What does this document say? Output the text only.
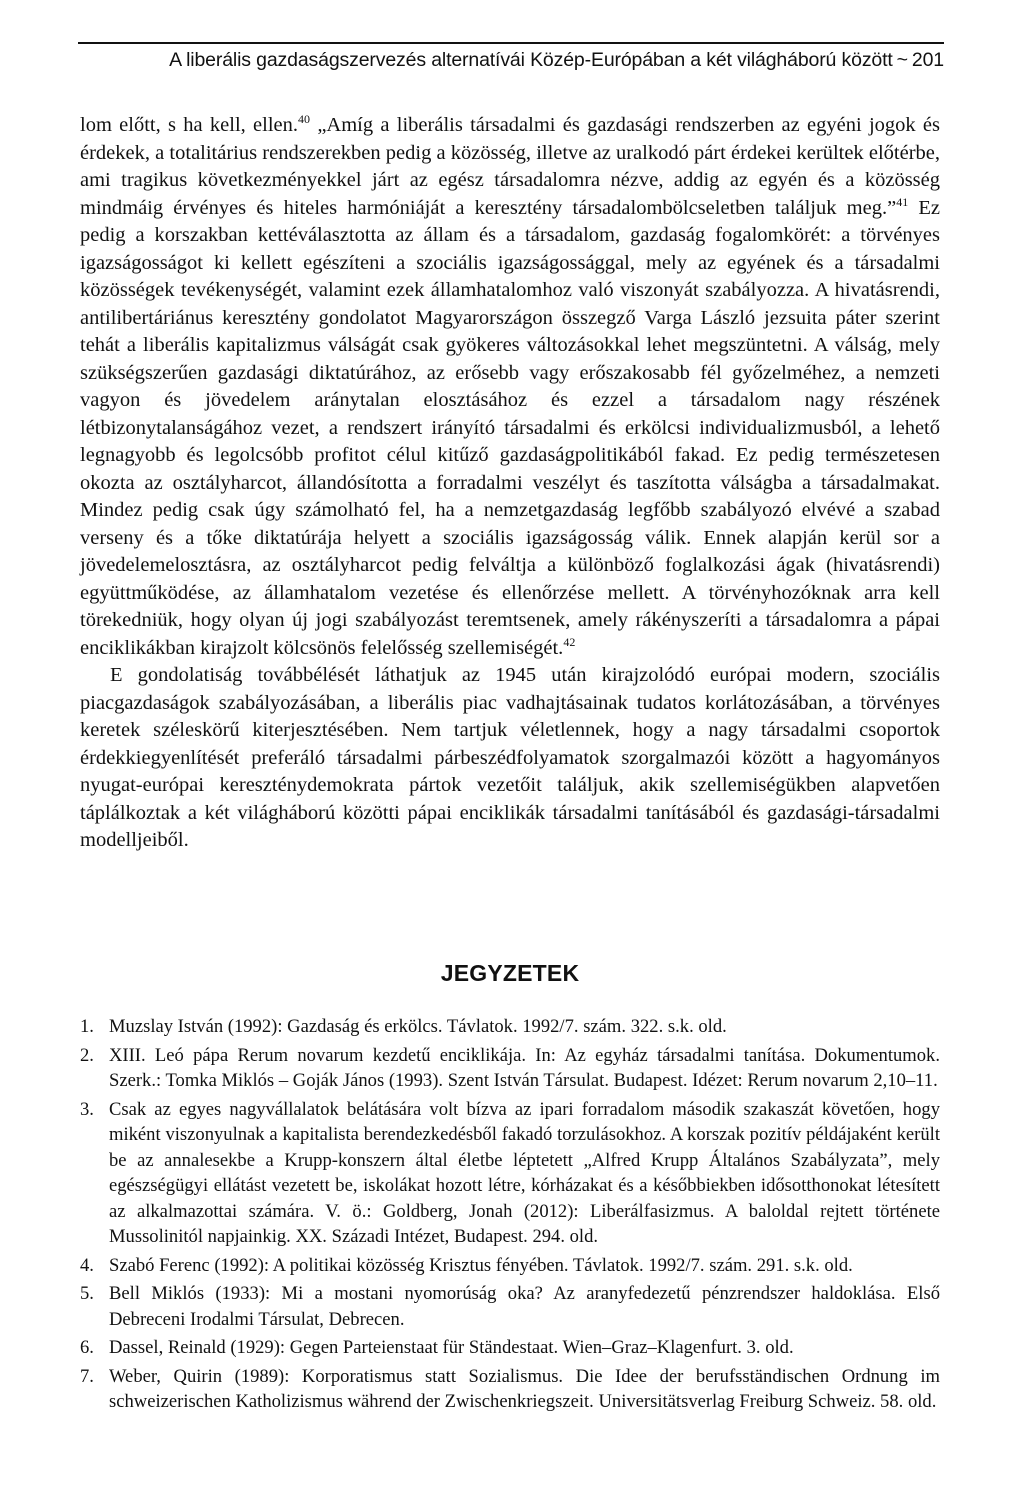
A liberális gazdaságszervezés alternatívái Közép-Európában a két világháború között ~ 201

lom előtt, s ha kell, ellen.$^{40}$ „Amíg a liberális társadalmi és gazdasági rendszerben az egyéni jogok és érdekek, a totalitárius rendszerekben pedig a közösség, illetve az uralkodó párt érdekei kerültek előtérbe, ami tragikus következményekkel járt az egész társadalomra nézve, addig az egyén és a közösség mindmáig érvényes és hiteles harmóniáját a keresztény társadalombölcseletben találjuk meg.”$^{41}$ Ez pedig a korszakban kettéválasztotta az állam és a társadalom, gazdaság fogalomkörét: a törvényes igazságosságot ki kellett egészíteni a szociális igazságossággal, mely az egyének és a társadalmi közösségek tevékenységét, valamint ezek államhatalomhoz való viszonyát szabályozza. A hivatásrendi, antilibertáriánus keresztény gondolatot Magyarországon összegző Varga László jezsuita páter szerint tehát a liberális kapitalizmus válságát csak gyökeres változásokkal lehet megszüntetni. A válság, mely szükségszerűen gazdasági diktatúrához, az erősebb vagy erőszakosabb fél győzelméhez, a nemzeti vagyon és jövedelem aránytalan elosztásához és ezzel a társadalom nagy részének létbizonytalanságához vezet, a rendszert irányító társadalmi és erkölcsi individualizmusból, a lehető legnagyobb és legolcsóbb profitot célul kitűző gazdaságpolitikából fakad. Ez pedig természetesen okozta az osztályharcot, állandósította a forradalmi veszélyt és taszította válságba a társadalmakat. Mindez pedig csak úgy számolható fel, ha a nemzetgazdaság legfőbb szabályozó elvévé a szabad verseny és a tőke diktatúrája helyett a szociális igazságosság válik. Ennek alapján kerül sor a jövedelemelosztásra, az osztályharcot pedig felváltja a különböző foglalkozási ágak (hivatásrendi) együttműködése, az államhatalom vezetése és ellenőrzése mellett. A törvényhozóknak arra kell törekedniük, hogy olyan új jogi szabályozást teremtsenek, amely rákényszeríti a társadalomra a pápai enciklikákban kirajzolt kölcsönös felelősség szellemiségét.$^{42}$

E gondolatiság továbbélését láthatjuk az 1945 után kirajzolódó európai modern, szociális piacgazdaságok szabályozásában, a liberális piac vadhajtásainak tudatos korlátozásában, a törvényes keretek széleskörű kiterjesztésében. Nem tartjuk véletlennek, hogy a nagy társadalmi csoportok érdekkiegyenlítését preferáló társadalmi párbeszédfolyamatok szorgalmazói között a hagyományos nyugat-európai kereszténydemokrata pártok vezetőit találjuk, akik szellemiségükben alapvetően táplálkoztak a két világháború közötti pápai enciklikák társadalmi tanításából és gazdasági-társadalmi modelljeiből.

JEGYZETEK
1. Muzslay István (1992): Gazdaság és erkölcs. Távlatok. 1992/7. szám. 322. s.k. old.
2. XIII. Leó pápa Rerum novarum kezdetű enciklikája. In: Az egyház társadalmi tanítása. Dokumentumok. Szerk.: Tomka Miklós – Goják János (1993). Szent István Társulat. Budapest. Idézet: Rerum novarum 2,10–11.
3. Csak az egyes nagyvállalatok belátására volt bízva az ipari forradalom második szakaszát követően, hogy miként viszonyulnak a kapitalista berendezkedésből fakadó torzulásokhoz. A korszak pozitív példájaként került be az annalesekbe a Krupp-konszern által életbe léptetett „Alfred Krupp Általános Szabályzata”, mely egészségügyi ellátást vezetett be, iskolákat hozott létre, kórházakat és a későbbiekben idősotthonokat létesített az alkalmazottai számára. V. ö.: Goldberg, Jonah (2012): Liberálfasizmus. A baloldal rejtett története Mussolinitól napjainkig. XX. Századi Intézet, Budapest. 294. old.
4. Szabó Ferenc (1992): A politikai közösség Krisztus fényében. Távlatok. 1992/7. szám. 291. s.k. old.
5. Bell Miklós (1933): Mi a mostani nyomorúság oka? Az aranyfedezetű pénzrendszer haldoklása. Első Debreceni Irodalmi Társulat, Debrecen.
6. Dassel, Reinald (1929): Gegen Parteienstaat für Ständestaat. Wien–Graz–Klagenfurt. 3. old.
7. Weber, Quirin (1989): Korporatismus statt Sozialismus. Die Idee der berufsständischen Ordnung im schweizerischen Katholizismus während der Zwischenkriegszeit. Universitätsverlag Freiburg Schweiz. 58. old.
